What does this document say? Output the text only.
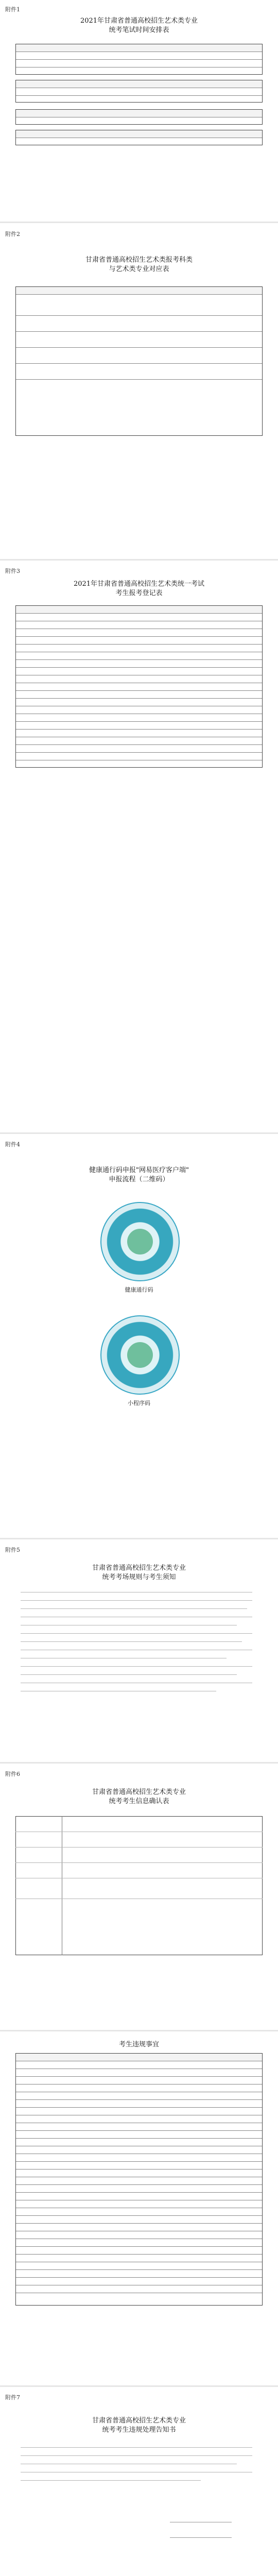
附件1
2021年甘肃省普通高校招生艺术类专业
统考笔试时间安排表
附件2
甘肃省普通高校招生艺术类报考科类
与艺术类专业对应表
附件3
2021年甘肃省普通高校招生艺术类统一考试
考生报考登记表
附件4
健康通行码申报"网易医疗客户端"
申报流程（二维码）
健康通行码
小程序码
附件5
甘肃省普通高校招生艺术类专业
统考考场规则与考生须知
附件6
甘肃省普通高校招生艺术类专业
统考考生信息确认表
考生违规事宜
附件7
甘肃省普通高校招生艺术类专业
统考考生违规处理告知书
